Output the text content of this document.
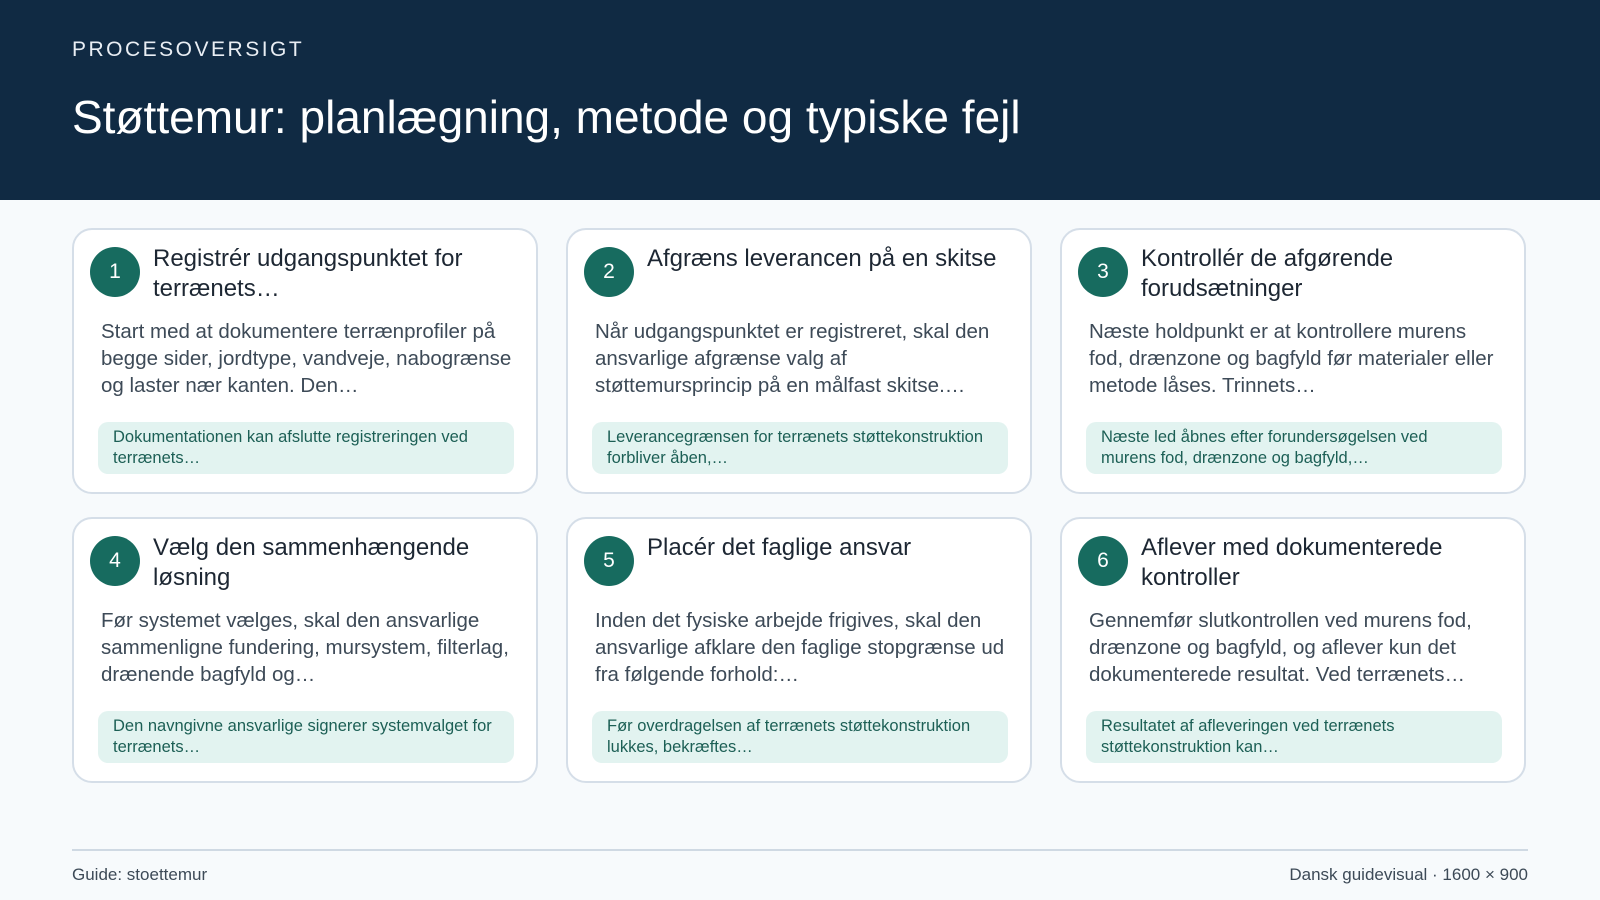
PROCESOVERSIGT
Støttemur: planlægning, metode og typiske fejl
1	Registrér udgangspunktet for terrænets…
Start med at dokumentere terrænprofiler på begge sider, jordtype, vandveje, nabogrænse og laster nær kanten. Den…
Dokumentationen kan afslutte registreringen ved terrænets…
2	Afgræns leverancen på en skitse
Når udgangspunktet er registreret, skal den ansvarlige afgrænse valg af støttemursprincip på en målfast skitse.…
Leverancegrænsen for terrænets støttekonstruktion forbliver åben,…
3	Kontrollér de afgørende forudsætninger
Næste holdpunkt er at kontrollere murens fod, drænzone og bagfyld før materialer eller metode låses. Trinnets…
Næste led åbnes efter forundersøgelsen ved murens fod, drænzone og bagfyld,…
4	Vælg den sammenhængende løsning
Før systemet vælges, skal den ansvarlige sammenligne fundering, mursystem, filterlag, drænende bagfyld og…
Den navngivne ansvarlige signerer systemvalget for terrænets…
5	Placér det faglige ansvar
Inden det fysiske arbejde frigives, skal den ansvarlige afklare den faglige stopgrænse ud fra følgende forhold:…
Før overdragelsen af terrænets støttekonstruktion lukkes, bekræftes…
6	Aflever med dokumenterede kontroller
Gennemfør slutkontrollen ved murens fod, drænzone og bagfyld, og aflever kun det dokumenterede resultat. Ved terrænets…
Resultatet af afleveringen ved terrænets støttekonstruktion kan…
Guide: stoettemur	Dansk guidevisual · 1600 × 900
